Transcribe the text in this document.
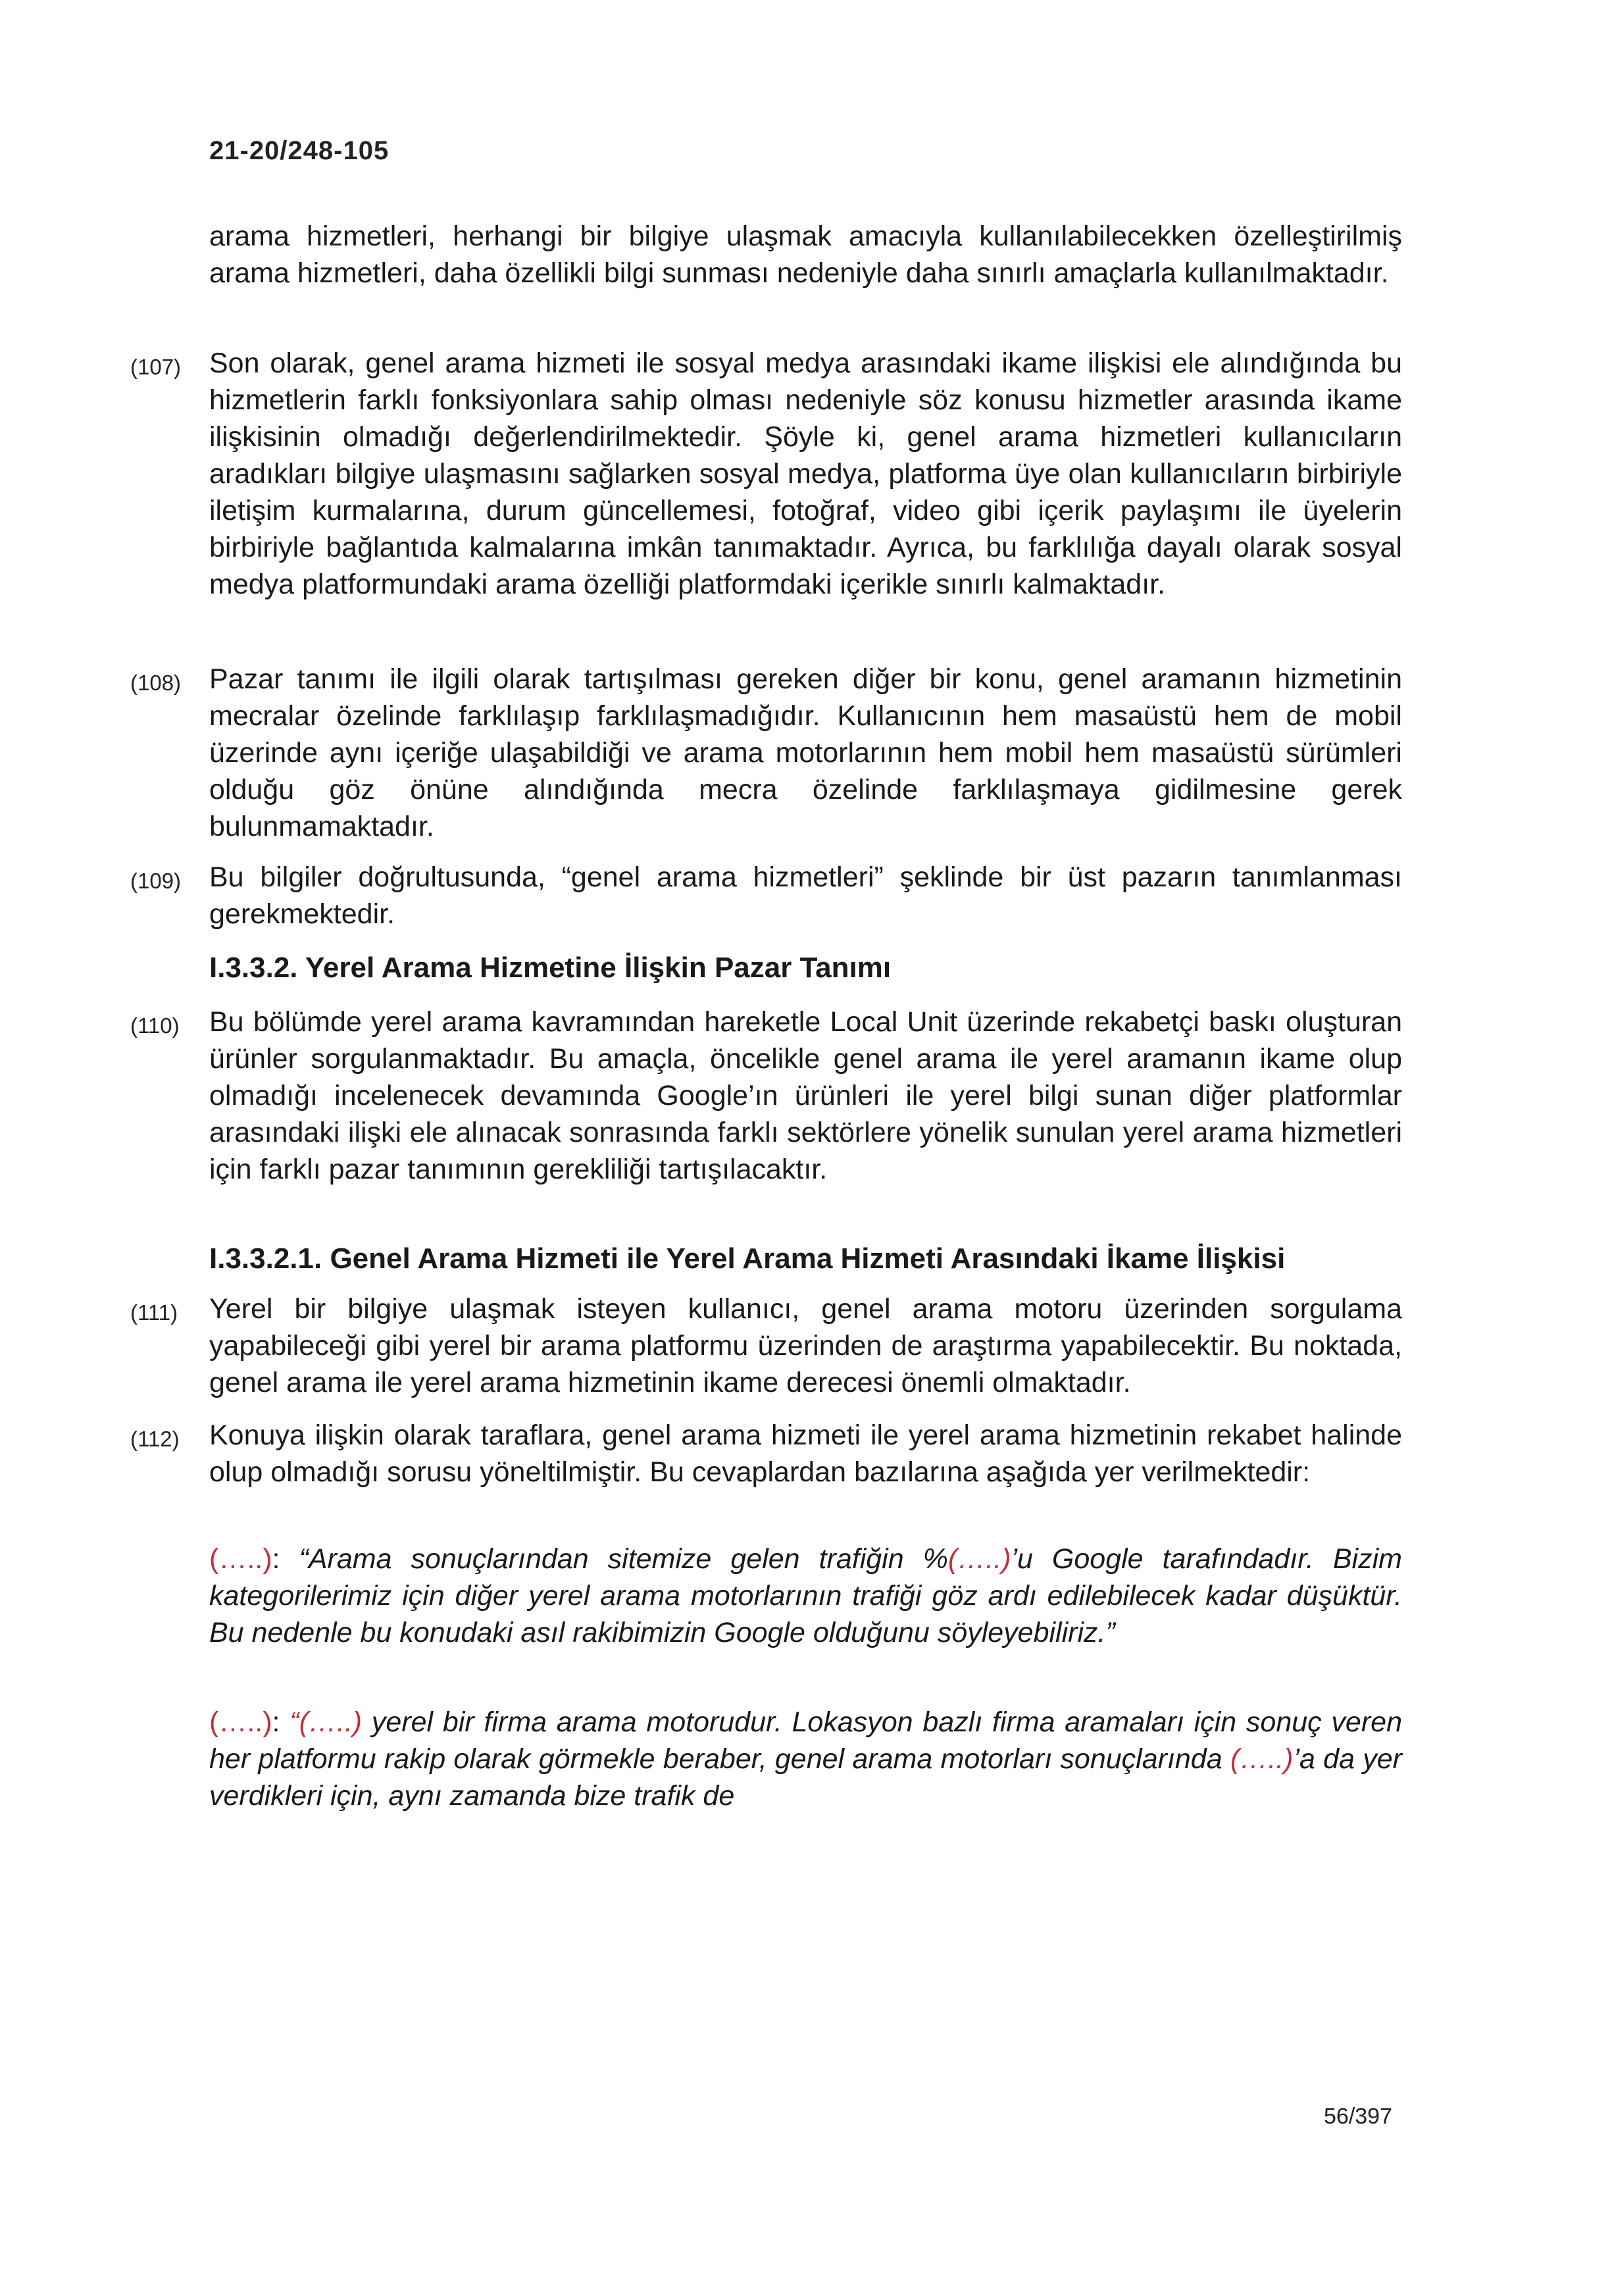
21-20/248-105

arama hizmetleri, herhangi bir bilgiye ulaşmak amacıyla kullanılabilecekken özelleştirilmiş arama hizmetleri, daha özellikli bilgi sunması nedeniyle daha sınırlı amaçlarla kullanılmaktadır.

(107) Son olarak, genel arama hizmeti ile sosyal medya arasındaki ikame ilişkisi ele alındığında bu hizmetlerin farklı fonksiyonlara sahip olması nedeniyle söz konusu hizmetler arasında ikame ilişkisinin olmadığı değerlendirilmektedir. Şöyle ki, genel arama hizmetleri kullanıcıların aradıkları bilgiye ulaşmasını sağlarken sosyal medya, platforma üye olan kullanıcıların birbiriyle iletişim kurmalarına, durum güncellemesi, fotoğraf, video gibi içerik paylaşımı ile üyelerin birbiriyle bağlantıda kalmalarına imkân tanımaktadır. Ayrıca, bu farklılığa dayalı olarak sosyal medya platformundaki arama özelliği platformdaki içerikle sınırlı kalmaktadır.

(108) Pazar tanımı ile ilgili olarak tartışılması gereken diğer bir konu, genel aramanın hizmetinin mecralar özelinde farklılaşıp farklılaşmadığıdır. Kullanıcının hem masaüstü hem de mobil üzerinde aynı içeriğe ulaşabildiği ve arama motorlarının hem mobil hem masaüstü sürümleri olduğu göz önüne alındığında mecra özelinde farklılaşmaya gidilmesine gerek bulunmamaktadır.

(109) Bu bilgiler doğrultusunda, “genel arama hizmetleri” şeklinde bir üst pazarın tanımlanması gerekmektedir.

I.3.3.2. Yerel Arama Hizmetine İlişkin Pazar Tanımı

(110) Bu bölümde yerel arama kavramından hareketle Local Unit üzerinde rekabetçi baskı oluşturan ürünler sorgulanmaktadır. Bu amaçla, öncelikle genel arama ile yerel aramanın ikame olup olmadığı incelenecek devamında Google’ın ürünleri ile yerel bilgi sunan diğer platformlar arasındaki ilişki ele alınacak sonrasında farklı sektörlere yönelik sunulan yerel arama hizmetleri için farklı pazar tanımının gerekliliği tartışılacaktır.

I.3.3.2.1. Genel Arama Hizmeti ile Yerel Arama Hizmeti Arasındaki İkame İlişkisi

(111) Yerel bir bilgiye ulaşmak isteyen kullanıcı, genel arama motoru üzerinden sorgulama yapabileceği gibi yerel bir arama platformu üzerinden de araştırma yapabilecektir. Bu noktada, genel arama ile yerel arama hizmetinin ikame derecesi önemli olmaktadır.

(112) Konuya ilişkin olarak taraflara, genel arama hizmeti ile yerel arama hizmetinin rekabet halinde olup olmadığı sorusu yöneltilmiştir. Bu cevaplardan bazılarına aşağıda yer verilmektedir:

(…..): “Arama sonuçlarından sitemize gelen trafiğin %(…..)’u Google tarafındadır. Bizim kategorilerimiz için diğer yerel arama motorlarının trafiği göz ardı edilebilecek kadar düşüktür. Bu nedenle bu konudaki asıl rakibimizin Google olduğunu söyleyebiliriz.”

(…..): “(…..) yerel bir firma arama motorudur. Lokasyon bazlı firma aramaları için sonuç veren her platformu rakip olarak görmekle beraber, genel arama motorları sonuçlarında (…..)’a da yer verdikleri için, aynı zamanda bize trafik de

56/397
